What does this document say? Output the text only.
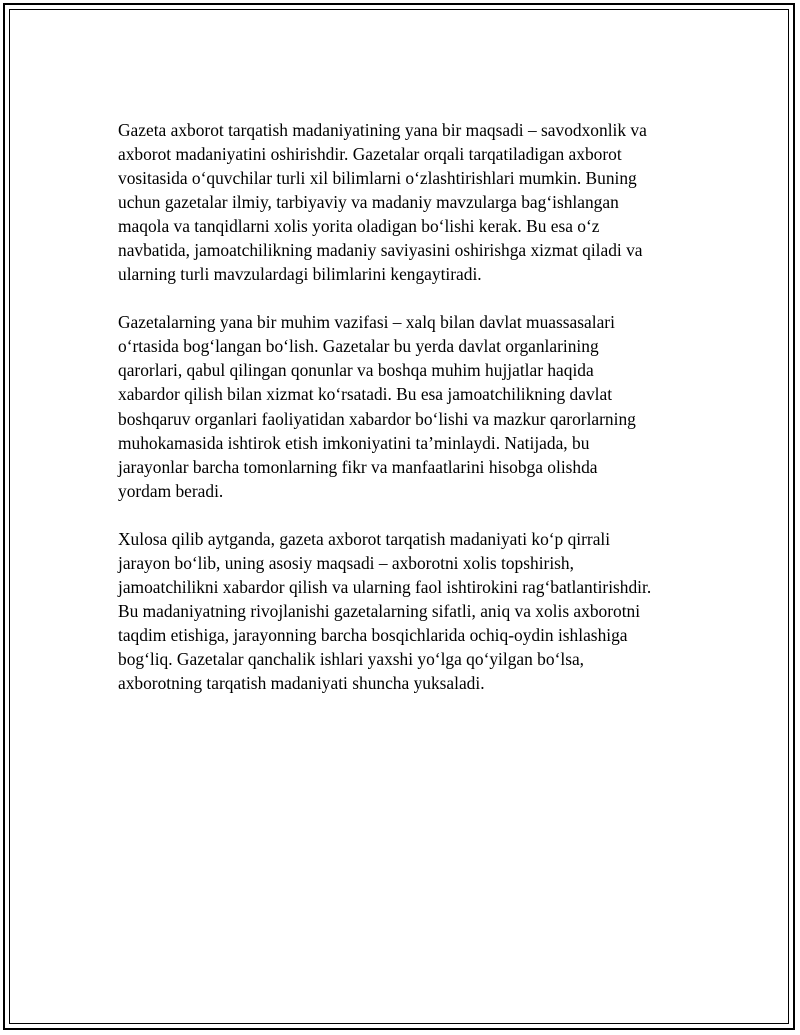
Gazeta axborot tarqatish madaniyatining yana bir maqsadi – savodxonlik va
axborot madaniyatini oshirishdir. Gazetalar orqali tarqatiladigan axborot
vositasida o‘quvchilar turli xil bilimlarni o‘zlashtirishlari mumkin. Buning
uchun gazetalar ilmiy, tarbiyaviy va madaniy mavzularga bag‘ishlangan
maqola va tanqidlarni xolis yorita oladigan bo‘lishi kerak. Bu esa o‘z
navbatida, jamoatchilikning madaniy saviyasini oshirishga xizmat qiladi va
ularning turli mavzulardagi bilimlarini kengaytiradi.

Gazetalarning yana bir muhim vazifasi – xalq bilan davlat muassasalari
o‘rtasida bog‘langan bo‘lish. Gazetalar bu yerda davlat organlarining
qarorlari, qabul qilingan qonunlar va boshqa muhim hujjatlar haqida
xabardor qilish bilan xizmat ko‘rsatadi. Bu esa jamoatchilikning davlat
boshqaruv organlari faoliyatidan xabardor bo‘lishi va mazkur qarorlarning
muhokamasida ishtirok etish imkoniyatini ta’minlaydi. Natijada, bu
jarayonlar barcha tomonlarning fikr va manfaatlarini hisobga olishda
yordam beradi.

Xulosa qilib aytganda, gazeta axborot tarqatish madaniyati ko‘p qirrali
jarayon bo‘lib, uning asosiy maqsadi – axborotni xolis topshirish,
jamoatchilikni xabardor qilish va ularning faol ishtirokini rag‘batlantirishdir.
Bu madaniyatning rivojlanishi gazetalarning sifatli, aniq va xolis axborotni
taqdim etishiga, jarayonning barcha bosqichlarida ochiq-oydin ishlashiga
bog‘liq. Gazetalar qanchalik ishlari yaxshi yo‘lga qo‘yilgan bo‘lsa,
axborotning tarqatish madaniyati shuncha yuksaladi.
